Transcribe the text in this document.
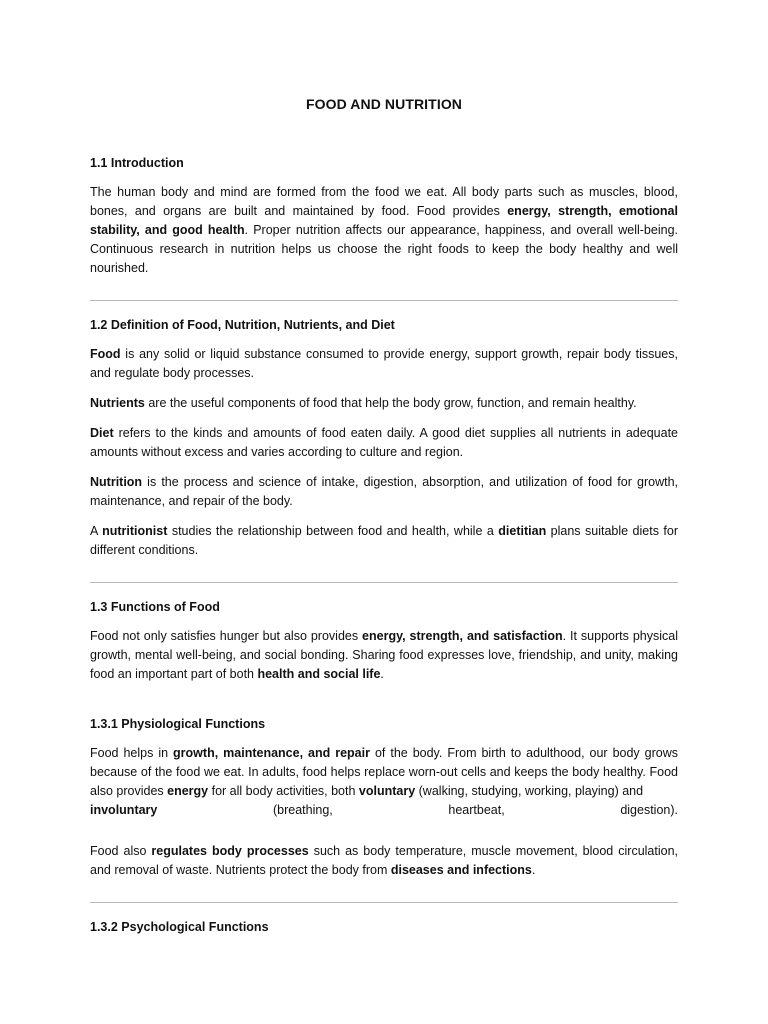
FOOD AND NUTRITION
1.1 Introduction

The human body and mind are formed from the food we eat. All body parts such as muscles, blood, bones, and organs are built and maintained by food. Food provides energy, strength, emotional stability, and good health. Proper nutrition affects our appearance, happiness, and overall well-being. Continuous research in nutrition helps us choose the right foods to keep the body healthy and well nourished.

1.2 Definition of Food, Nutrition, Nutrients, and Diet

Food is any solid or liquid substance consumed to provide energy, support growth, repair body tissues, and regulate body processes.

Nutrients are the useful components of food that help the body grow, function, and remain healthy.

Diet refers to the kinds and amounts of food eaten daily. A good diet supplies all nutrients in adequate amounts without excess and varies according to culture and region.

Nutrition is the process and science of intake, digestion, absorption, and utilization of food for growth, maintenance, and repair of the body.

A nutritionist studies the relationship between food and health, while a dietitian plans suitable diets for different conditions.

1.3 Functions of Food

Food not only satisfies hunger but also provides energy, strength, and satisfaction. It supports physical growth, mental well-being, and social bonding. Sharing food expresses love, friendship, and unity, making food an important part of both health and social life.

1.3.1 Physiological Functions

Food helps in growth, maintenance, and repair of the body. From birth to adulthood, our body grows because of the food we eat. In adults, food helps replace worn-out cells and keeps the body healthy. Food also provides energy for all body activities, both voluntary (walking, studying, working, playing) and

involuntary	(breathing,	heartbeat,	digestion).

Food also regulates body processes such as body temperature, muscle movement, blood circulation, and removal of waste. Nutrients protect the body from diseases and infections.

1.3.2 Psychological Functions
